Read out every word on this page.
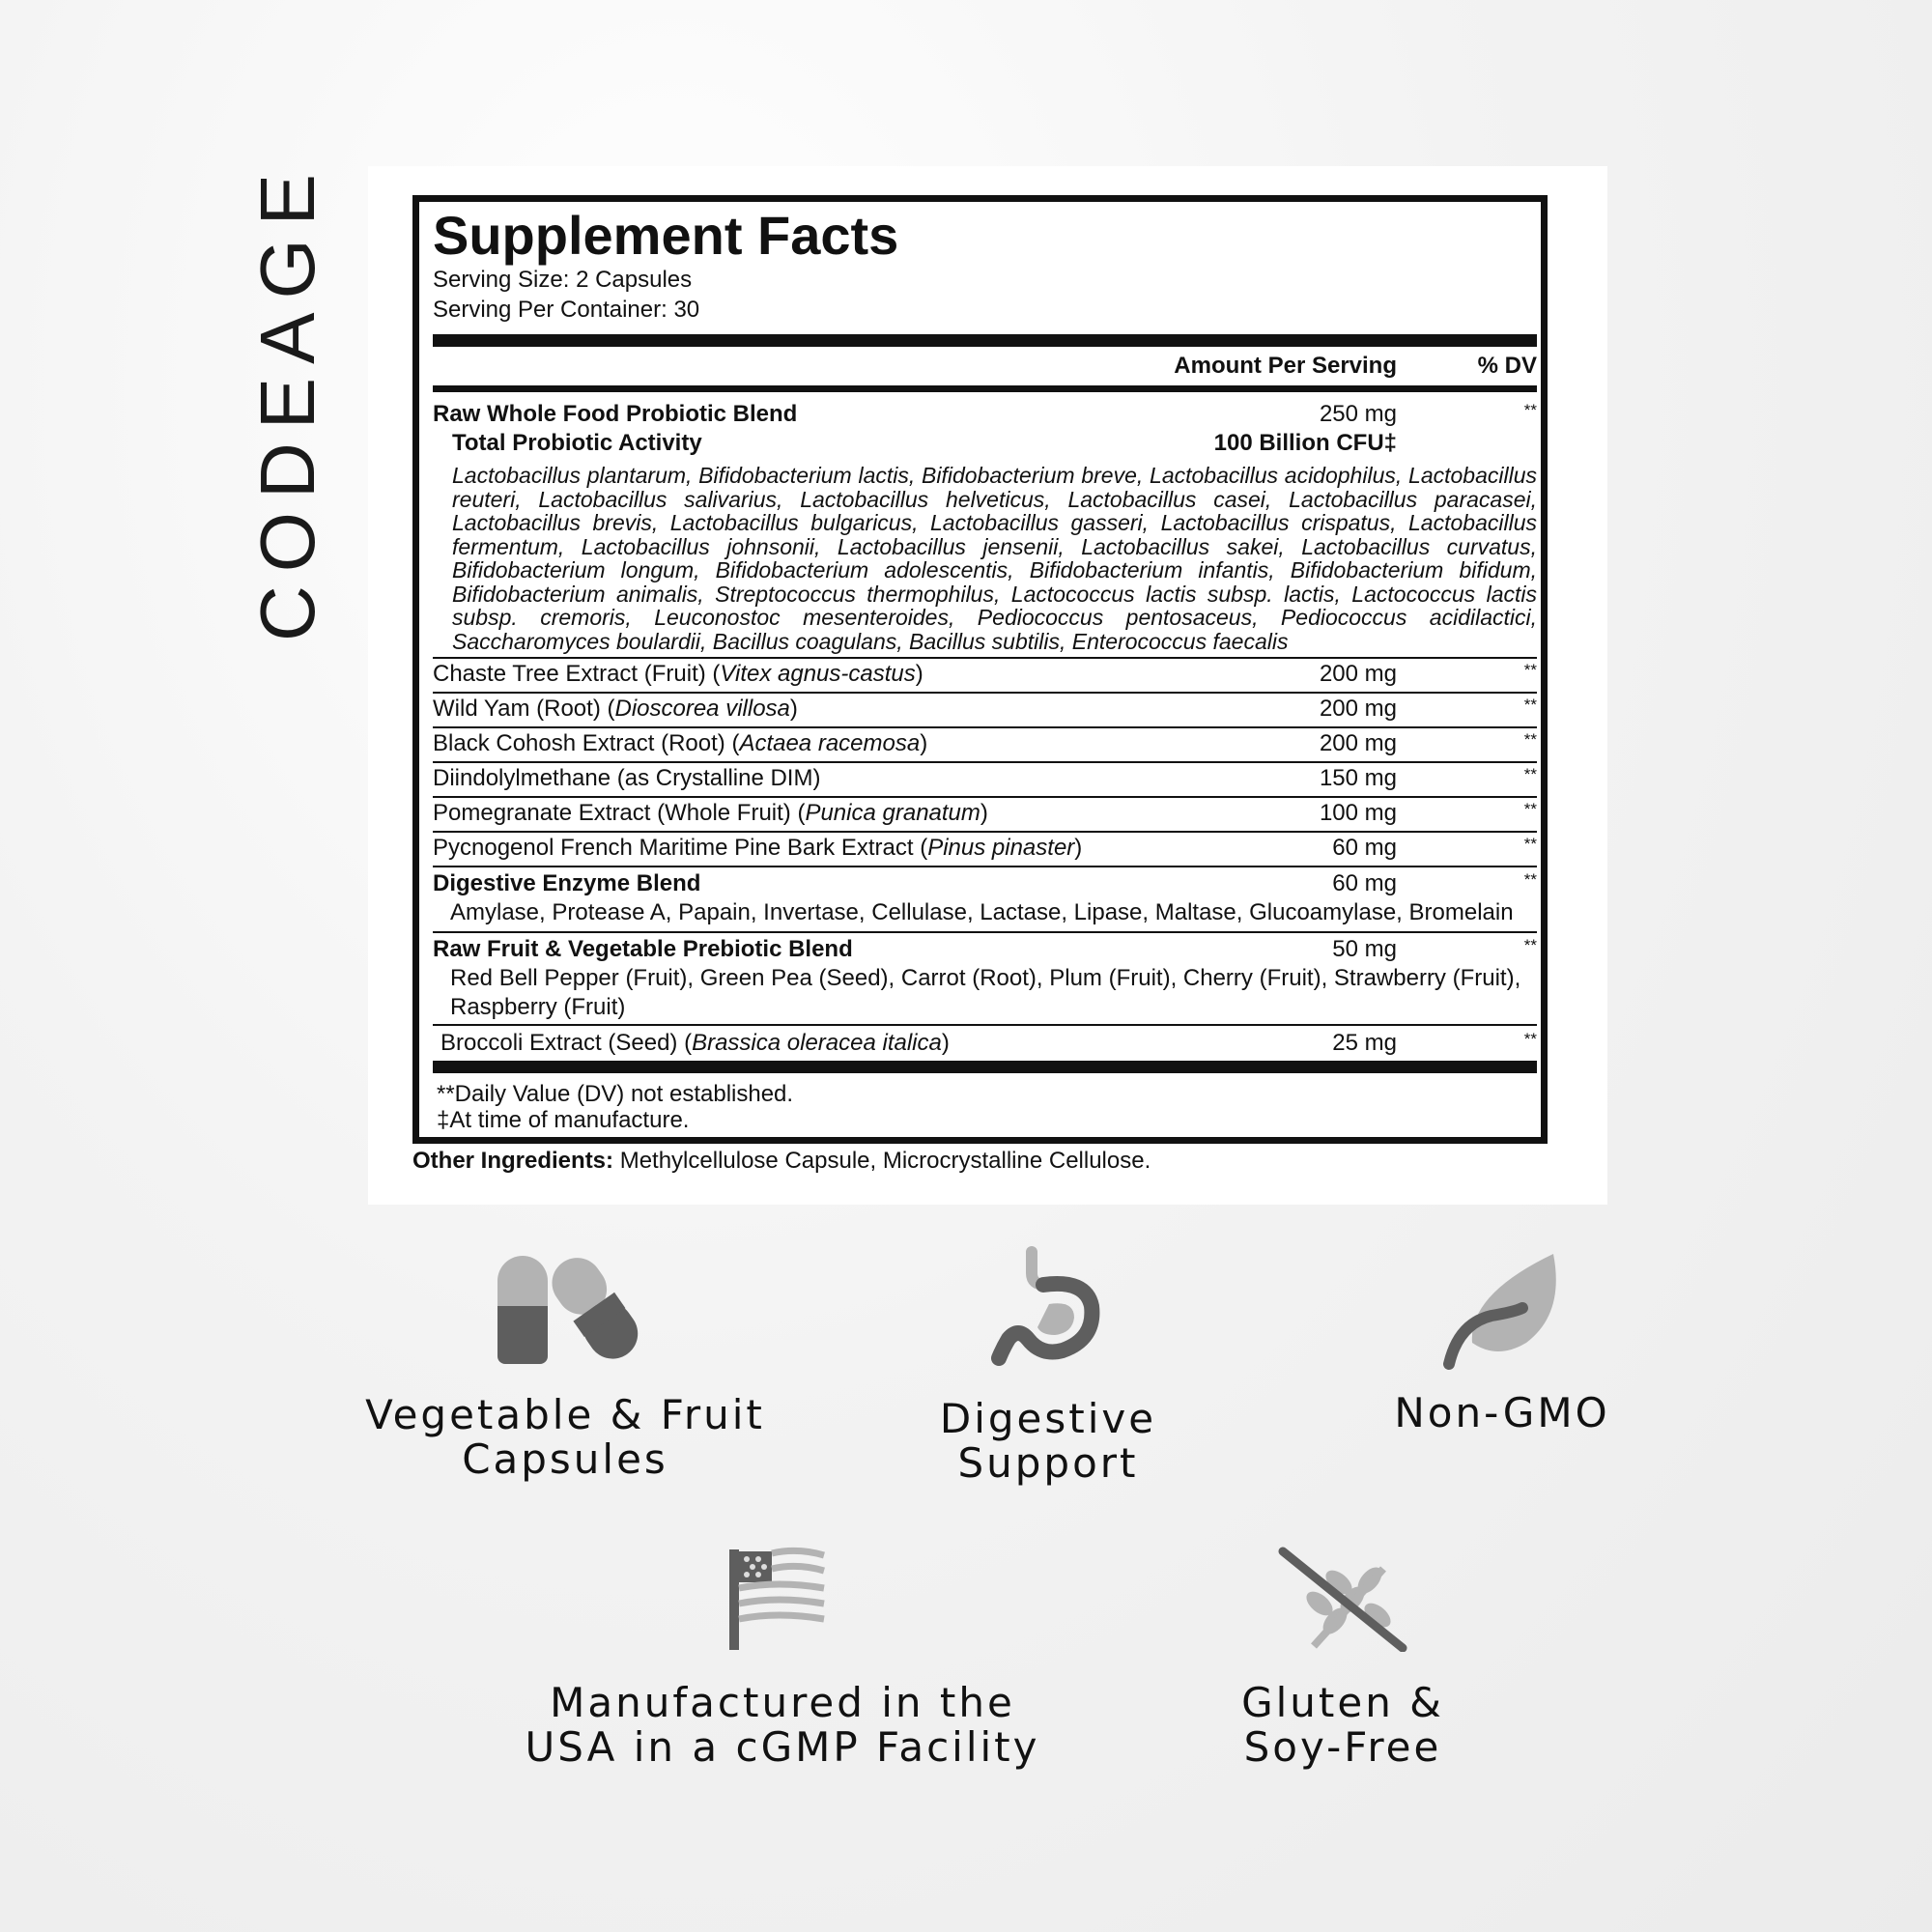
CODEAGE Supplement Facts
Serving Size: 2 Capsules
Serving Per Container: 30
Amount Per Serving	% DV
Raw Whole Food Probiotic Blend	250 mg	**
Total Probiotic Activity	100 Billion CFU‡
Lactobacillus plantarum, Bifidobacterium lactis, Bifidobacterium breve, Lactobacillus acidophilus, Lactobacillus reuteri, Lactobacillus salivarius, Lactobacillus helveticus, Lactobacillus casei, Lactobacillus paracasei, Lactobacillus brevis, Lactobacillus bulgaricus, Lactobacillus gasseri, Lactobacillus crispatus, Lactobacillus fermentum, Lactobacillus johnsonii, Lactobacillus jensenii, Lactobacillus sakei, Lactobacillus curvatus, Bifidobacterium longum, Bifidobacterium adolescentis, Bifidobacterium infantis, Bifidobacterium bifidum, Bifidobacterium animalis, Streptococcus thermophilus, Lactococcus lactis subsp. lactis, Lactococcus lactis subsp. cremoris, Leuconostoc mesenteroides, Pediococcus pentosaceus, Pediococcus acidilactici, Saccharomyces boulardii, Bacillus coagulans, Bacillus subtilis, Enterococcus faecalis
Chaste Tree Extract (Fruit) (Vitex agnus-castus)	200 mg	**
Wild Yam (Root) (Dioscorea villosa)	200 mg	**
Black Cohosh Extract (Root) (Actaea racemosa)	200 mg	**
Diindolylmethane (as Crystalline DIM)	150 mg	**
Pomegranate Extract (Whole Fruit) (Punica granatum)	100 mg	**
Pycnogenol French Maritime Pine Bark Extract (Pinus pinaster)	60 mg	**
Digestive Enzyme Blend	60 mg	**
Amylase, Protease A, Papain, Invertase, Cellulase, Lactase, Lipase, Maltase, Glucoamylase, Bromelain
Raw Fruit & Vegetable Prebiotic Blend	50 mg	**
Red Bell Pepper (Fruit), Green Pea (Seed), Carrot (Root), Plum (Fruit), Cherry (Fruit), Strawberry (Fruit), Raspberry (Fruit)
Broccoli Extract (Seed) (Brassica oleracea italica)	25 mg	**
**Daily Value (DV) not established.
‡At time of manufacture.
Other Ingredients: Methylcellulose Capsule, Microcrystalline Cellulose.
Vegetable & Fruit
Capsules
Digestive
Support
Non-GMO
Manufactured in the
USA in a cGMP Facility
Gluten &
Soy-Free
